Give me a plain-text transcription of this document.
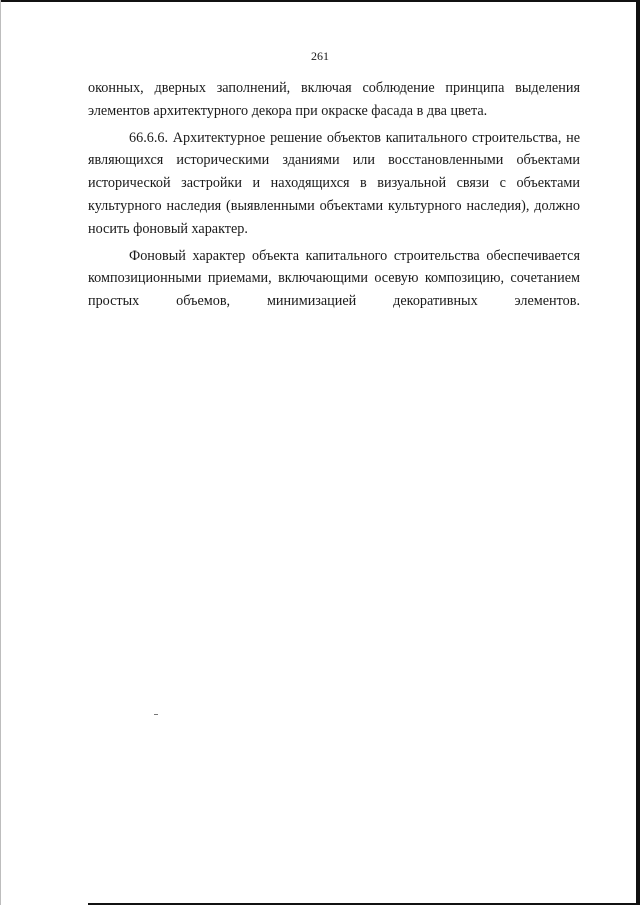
261

оконных, дверных заполнений, включая соблюдение принципа выделения элементов архитектурного декора при окраске фасада в два цвета.

66.6.6. Архитектурное решение объектов капитального строительства, не являющихся историческими зданиями или восстановленными объектами исторической застройки и находящихся в визуальной связи с объектами культурного наследия (выявленными объектами культурного наследия), должно носить фоновый характер.

Фоновый характер объекта капитального строительства обеспечивается композиционными приемами, включающими осевую композицию, сочетанием простых объемов, минимизацией декоративных элементов.
